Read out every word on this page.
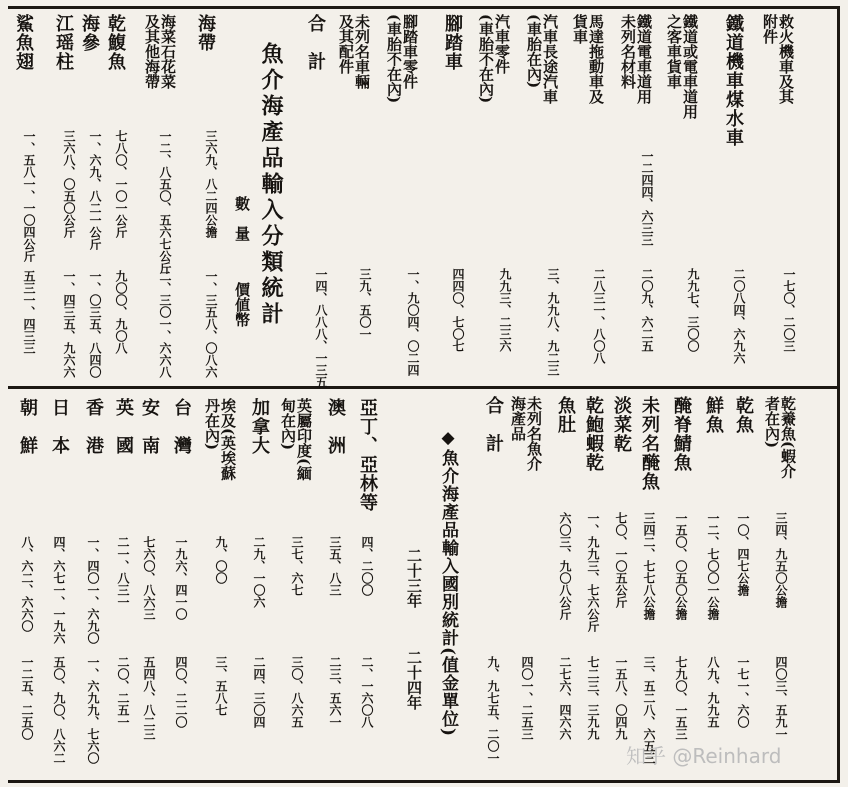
救火機車及其
附件
一七〇、二〇三
鐵道機車煤水車
二〇八四、六九六
鐵道或電車道用
之客車貨車
九九七、三〇〇
鐵道電車道用
未列名材料
一二四四、六三三
二〇九、六二五
馬達拖動車及
貨車
二八三一、八〇八
汽車長途汽車
(車胎在內)
三、九九八、九二三
汽車零件
(車胎不在內)
九九三、二三六
腳踏車
四四〇、七〇七
腳踏車零件
(車胎不在內)
一、九〇四、〇二四
未列名車輛
及其配件
三九、五〇一
合　計
一四、八八八、一三五
魚介海產品輸入分類統計
數　量
價値幣
海帶
三六九、八二四公擔
一、三五八、〇八六
海菜石花菜
及其他海帶
一二、八五〇、五六七公斤
二、三〇一、六六八
乾鰒魚
七八〇、一〇一公斤
九〇〇、九〇八
海參
一、六九、八二一公斤
一、〇三五、八四〇
江瑶柱
三六八、〇五〇公斤
一、四三五、九六六
鯊魚翅
一、五八一、一〇四公斤
五三一、四三三
乾鯗魚(蝦介
者在內)
三四、九五〇公擔
四〇三、五九一
乾魚
一〇、四七公擔
一七一、六〇
鮮魚
一二、七〇〇一公擔
八九、九九五
醃脊鯖魚
一五〇、〇五〇公擔
七九〇、一五三
未列名醃魚
三四二、七七八公擔
三、五二八、六五三
淡菜乾
七〇、一〇五公斤
一五八、〇四九
乾鮑蝦乾
一、九九三、七六公斤
七二三、三九九
魚肚
六〇三、九〇八公斤
二七六、四六六
未列名魚介
海產品
四〇一、二五三
合　計
九、九七五、二〇一
◆魚介海產品輸入國別統計(值金單位)
二十三年
二十四年
亞丁、亞林等
四、二〇〇
二、一六〇八
澳　洲
三五、八三
二三、五六一
英屬印度(緬
甸在內)
三七、六七
三〇、八六五
加拿大
二九、一〇六
二四、三〇四
埃及(英埃蘇
丹在內)
九、〇〇
三、五八七
台　灣
一九六、四一〇
四〇、二二〇
安　南
七六〇、八六三
五四八、八二三
英　國
二一、八三一
二〇、二五一
香　港
一、四〇一、六九〇
一、六九九、七六〇
日　本
四、六七一、一九六
五〇、九〇、八六二
朝　鮮
八、六二、六六〇
一二五、二五〇
知乎 @Reinhard
